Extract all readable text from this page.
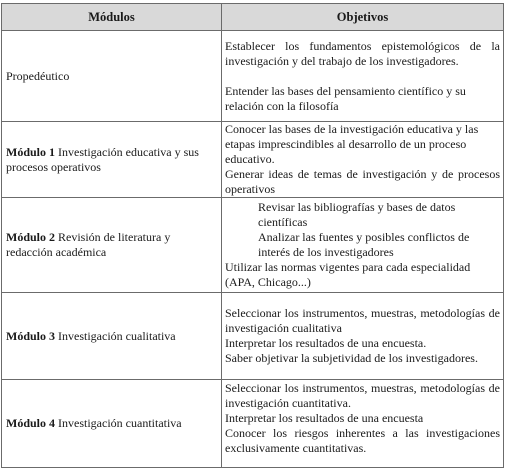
Módulos	Objetivos
Propedéutico	Establecer los fundamentos epistemológicos de la investigación y del trabajo de los investigadores.

Entender las bases del pensamiento científico y su relación con la filosofía

Módulo 1 Investigación educativa y sus procesos operativos	Conocer las bases de la investigación educativa y las etapas imprescindibles al desarrollo de un proceso educativo.

Generar ideas de temas de investigación y de procesos operativos

Módulo 2 Revisión de literatura y redacción académica	Revisar las bibliografías y bases de datos científicas

Analizar las fuentes y posibles conflictos de interés de los investigadores

Utilizar las normas vigentes para cada especialidad (APA, Chicago...)

Módulo 3 Investigación cualitativa	Seleccionar los instrumentos, muestras, metodologías de investigación cualitativa

Interpretar los resultados de una encuesta.

Saber objetivar la subjetividad de los investigadores.

Módulo 4 Investigación cuantitativa	Seleccionar los instrumentos, muestras, metodologías de investigación cuantitativa.

Interpretar los resultados de una encuesta

Conocer los riesgos inherentes a las investigaciones exclusivamente cuantitativas.
